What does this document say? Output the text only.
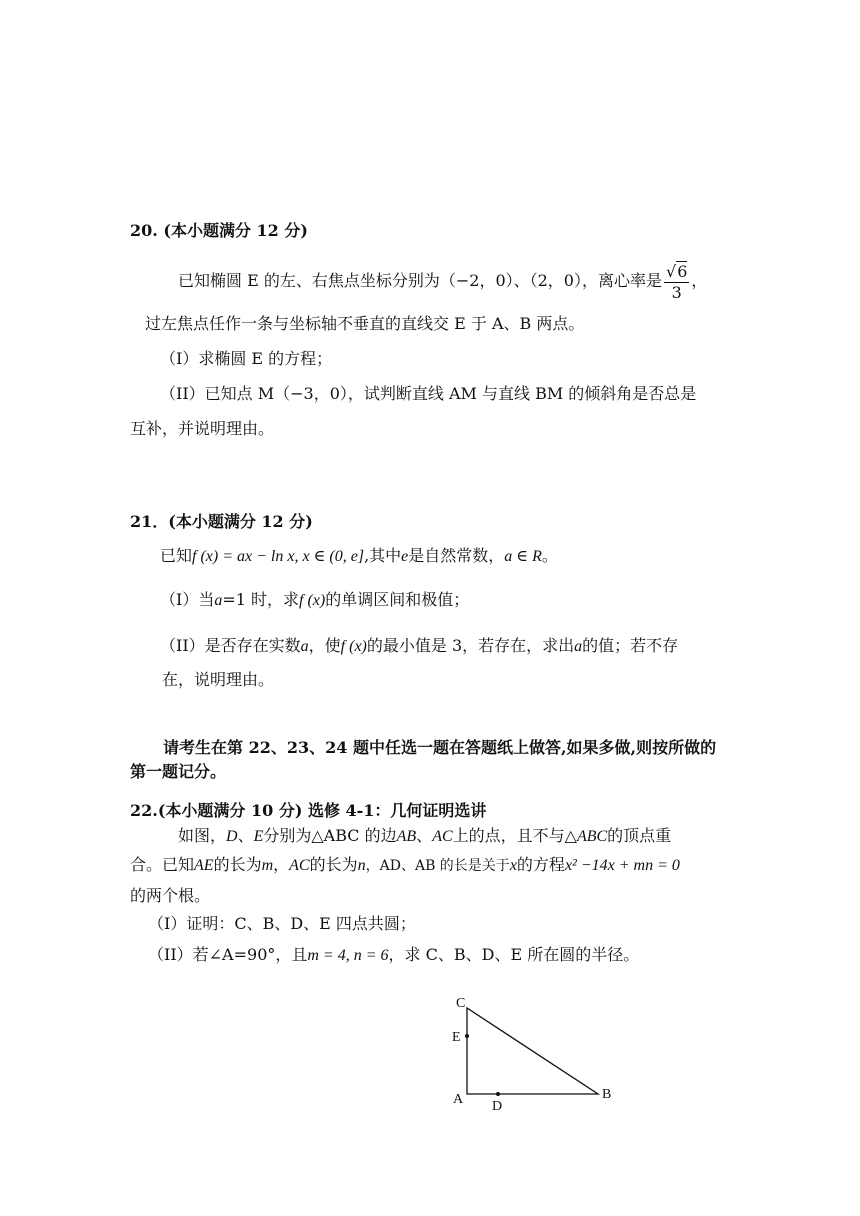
20. (本小题满分 12 分)
已知椭圆 E 的左、右焦点坐标分别为（−2，0）、（2，0），离心率是 $\frac{√6}{3}$ ，
过左焦点任作一条与坐标轴不垂直的直线交 E 于 A、B 两点。
（I）求椭圆 E 的方程；
（II）已知点 M（−3，0），试判断直线 AM 与直线 BM 的倾斜角是否总是
互补，并说明理由。
21．(本小题满分 12 分)
已知f (x) = ax − ln x, x ∈ (0, e],其中e是自然常数，a ∈ R。
（I）当a=1 时，求f (x)的单调区间和极值；
（II）是否存在实数a，使f (x)的最小值是 3，若存在，求出a的值；若不存
在，说明理由。
请考生在第 22、23、24 题中任选一题在答题纸上做答,如果多做,则按所做的
第一题记分。
22.(本小题满分 10 分) 选修 4-1：几何证明选讲
如图，D、E分别为△ABC 的边AB、AC上的点，且不与△ABC的顶点重
合。已知AE的长为m，AC的长为n，AD、AB 的长是关于x的方程x² −14x + mn = 0
的两个根。
（I）证明：C、B、D、E 四点共圆；
（II）若∠A=90°，且m = 4, n = 6，求 C、B、D、E 所在圆的半径。
C
E
A D
B
